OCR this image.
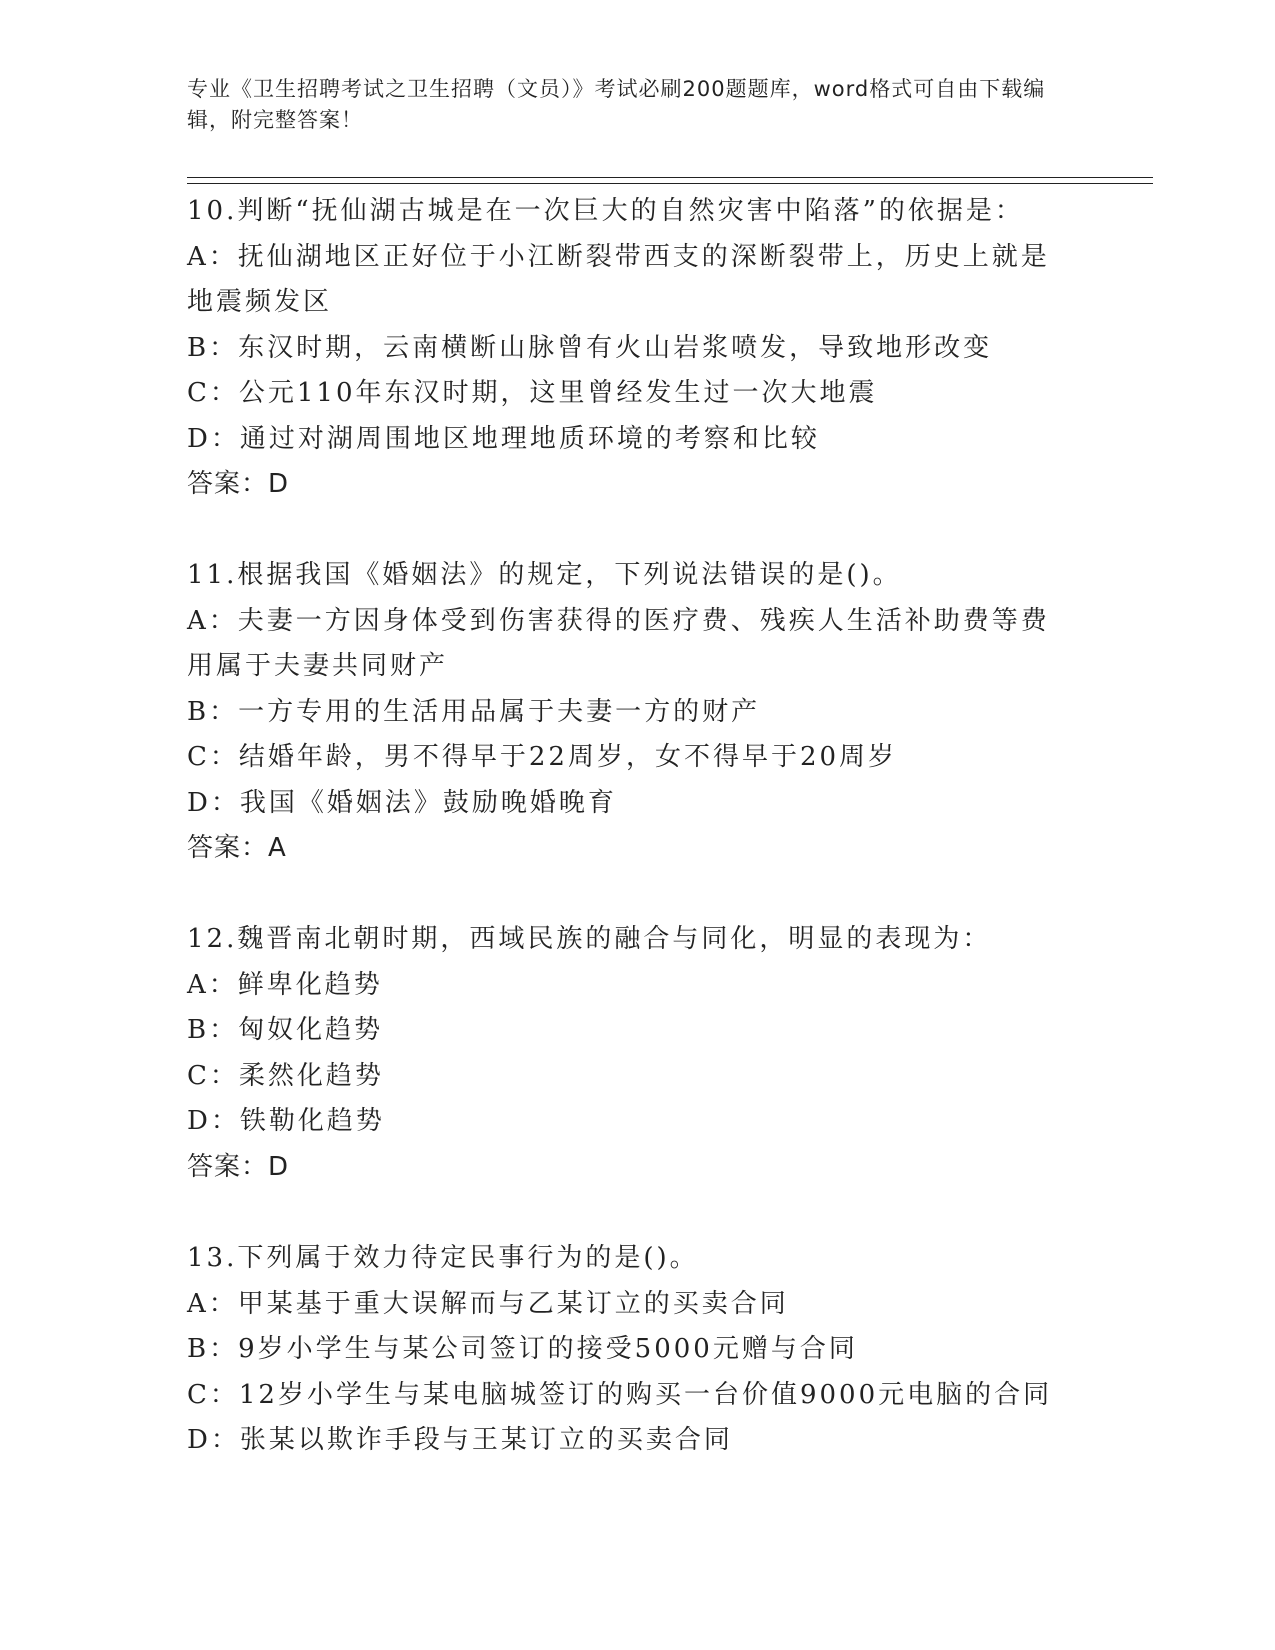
专业《卫生招聘考试之卫生招聘（文员）》考试必刷200题题库，word格式可自由下载编辑，附完整答案！
10.判断“抚仙湖古城是在一次巨大的自然灾害中陷落”的依据是：
A：抚仙湖地区正好位于小江断裂带西支的深断裂带上，历史上就是地震频发区
B：东汉时期，云南横断山脉曾有火山岩浆喷发，导致地形改变
C：公元110年东汉时期，这里曾经发生过一次大地震
D：通过对湖周围地区地理地质环境的考察和比较
答案：D
11.根据我国《婚姻法》的规定，下列说法错误的是()。
A：夫妻一方因身体受到伤害获得的医疗费、残疾人生活补助费等费用属于夫妻共同财产
B：一方专用的生活用品属于夫妻一方的财产
C：结婚年龄，男不得早于22周岁，女不得早于20周岁
D：我国《婚姻法》鼓励晚婚晚育
答案：A
12.魏晋南北朝时期，西域民族的融合与同化，明显的表现为：
A：鲜卑化趋势
B：匈奴化趋势
C：柔然化趋势
D：铁勒化趋势
答案：D
13.下列属于效力待定民事行为的是()。
A：甲某基于重大误解而与乙某订立的买卖合同
B：9岁小学生与某公司签订的接受5000元赠与合同
C：12岁小学生与某电脑城签订的购买一台价值9000元电脑的合同
D：张某以欺诈手段与王某订立的买卖合同
